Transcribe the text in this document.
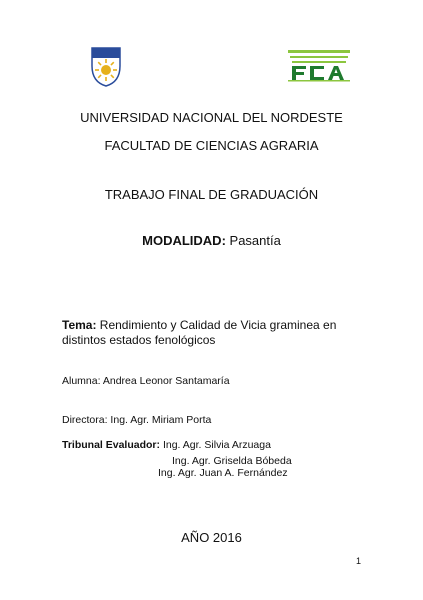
UNIVERSIDAD NACIONAL DEL NORDESTE
FACULTAD DE CIENCIAS AGRARIA
TRABAJO FINAL DE GRADUACIÓN
MODALIDAD: Pasantía
Tema: Rendimiento y Calidad de Vicia graminea en distintos estados fenológicos
Alumna: Andrea Leonor Santamaría
Directora: Ing. Agr. Miriam Porta
Tribunal Evaluador: Ing. Agr. Silvia Arzuaga
Ing. Agr. Griselda Bóbeda
Ing. Agr. Juan A. Fernández
AÑO 2016
1
